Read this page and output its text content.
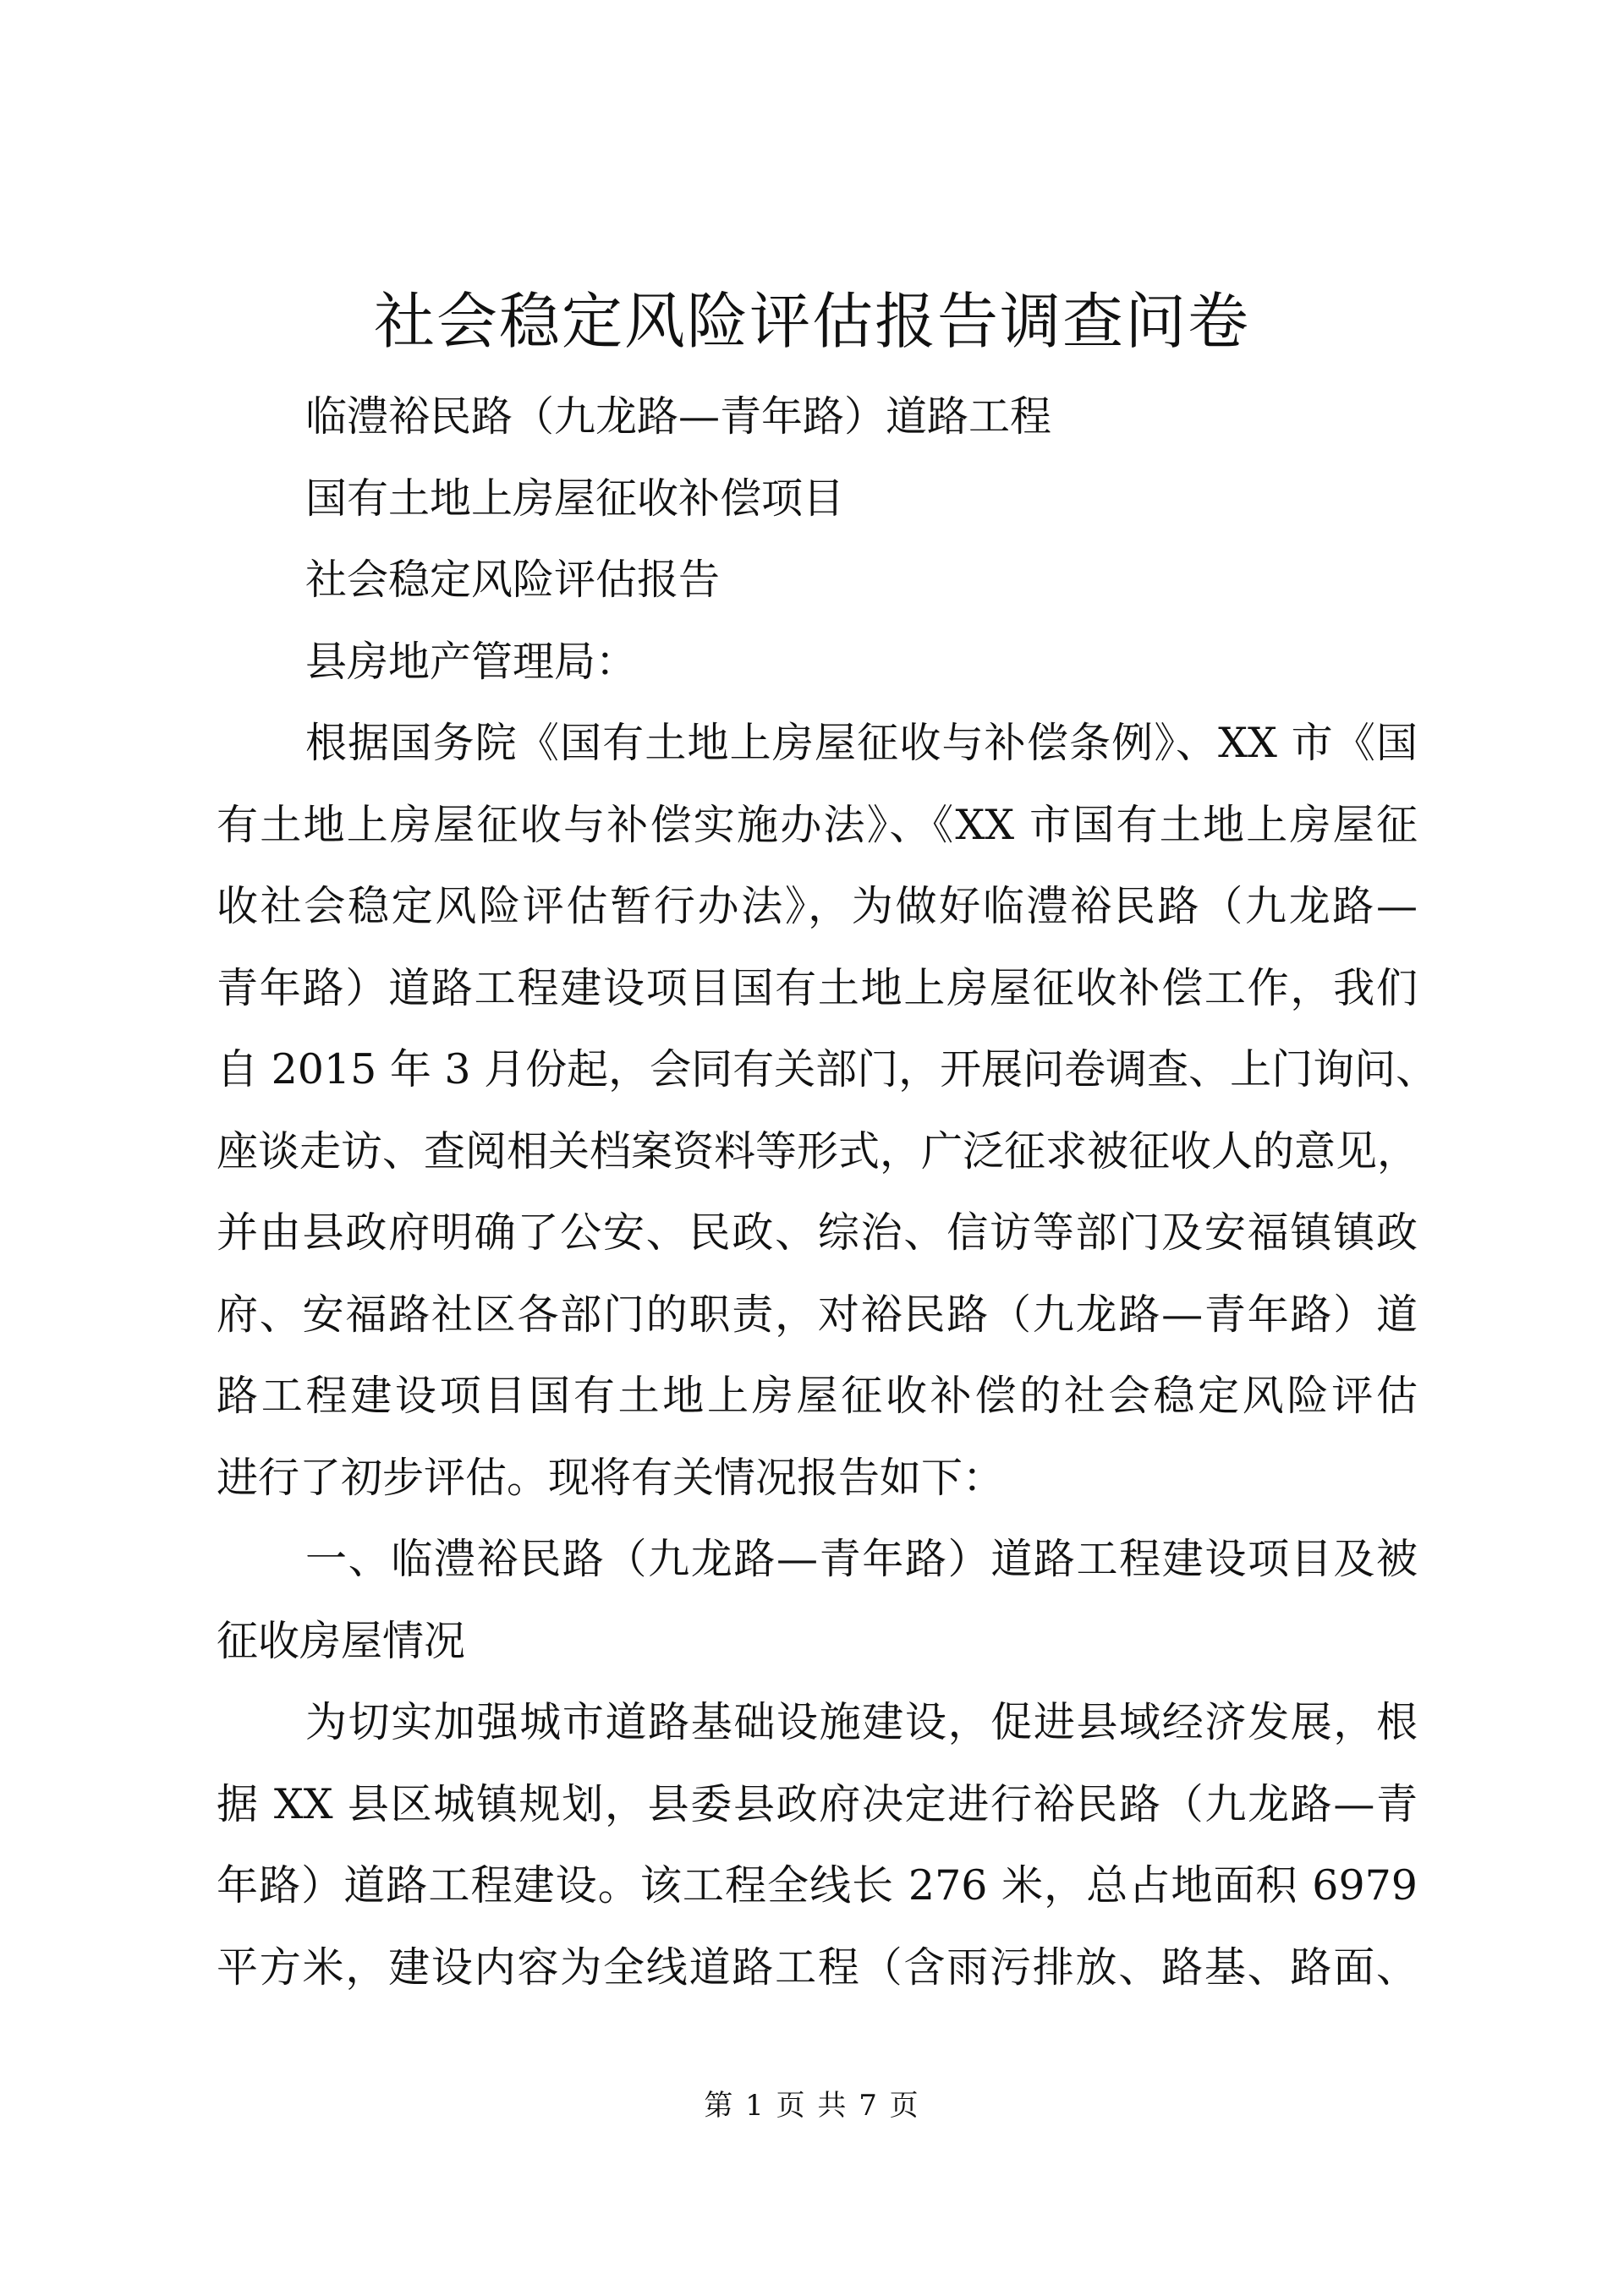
社会稳定风险评估报告调查问卷

临澧裕民路（九龙路—青年路）道路工程

国有土地上房屋征收补偿项目

社会稳定风险评估报告

县房地产管理局：

根据国务院《国有土地上房屋征收与补偿条例》、XX 市《国

有土地上房屋征收与补偿实施办法》、《XX 市国有土地上房屋征

收社会稳定风险评估暂行办法》，为做好临澧裕民路（九龙路—

青年路）道路工程建设项目国有土地上房屋征收补偿工作，我们

自 2015 年 3 月份起，会同有关部门，开展问卷调查、上门询问、

座谈走访、查阅相关档案资料等形式，广泛征求被征收人的意见，

并由县政府明确了公安、民政、综治、信访等部门及安福镇镇政

府、安福路社区各部门的职责，对裕民路（九龙路—青年路）道

路工程建设项目国有土地上房屋征收补偿的社会稳定风险评估

进行了初步评估。现将有关情况报告如下：

一、临澧裕民路（九龙路—青年路）道路工程建设项目及被

征收房屋情况

为切实加强城市道路基础设施建设，促进县域经济发展，根

据 XX 县区城镇规划，县委县政府决定进行裕民路（九龙路—青

年路）道路工程建设。该工程全线长 276 米，总占地面积 6979

平方米，建设内容为全线道路工程（含雨污排放、路基、路面、

第 1 页 共 7 页
